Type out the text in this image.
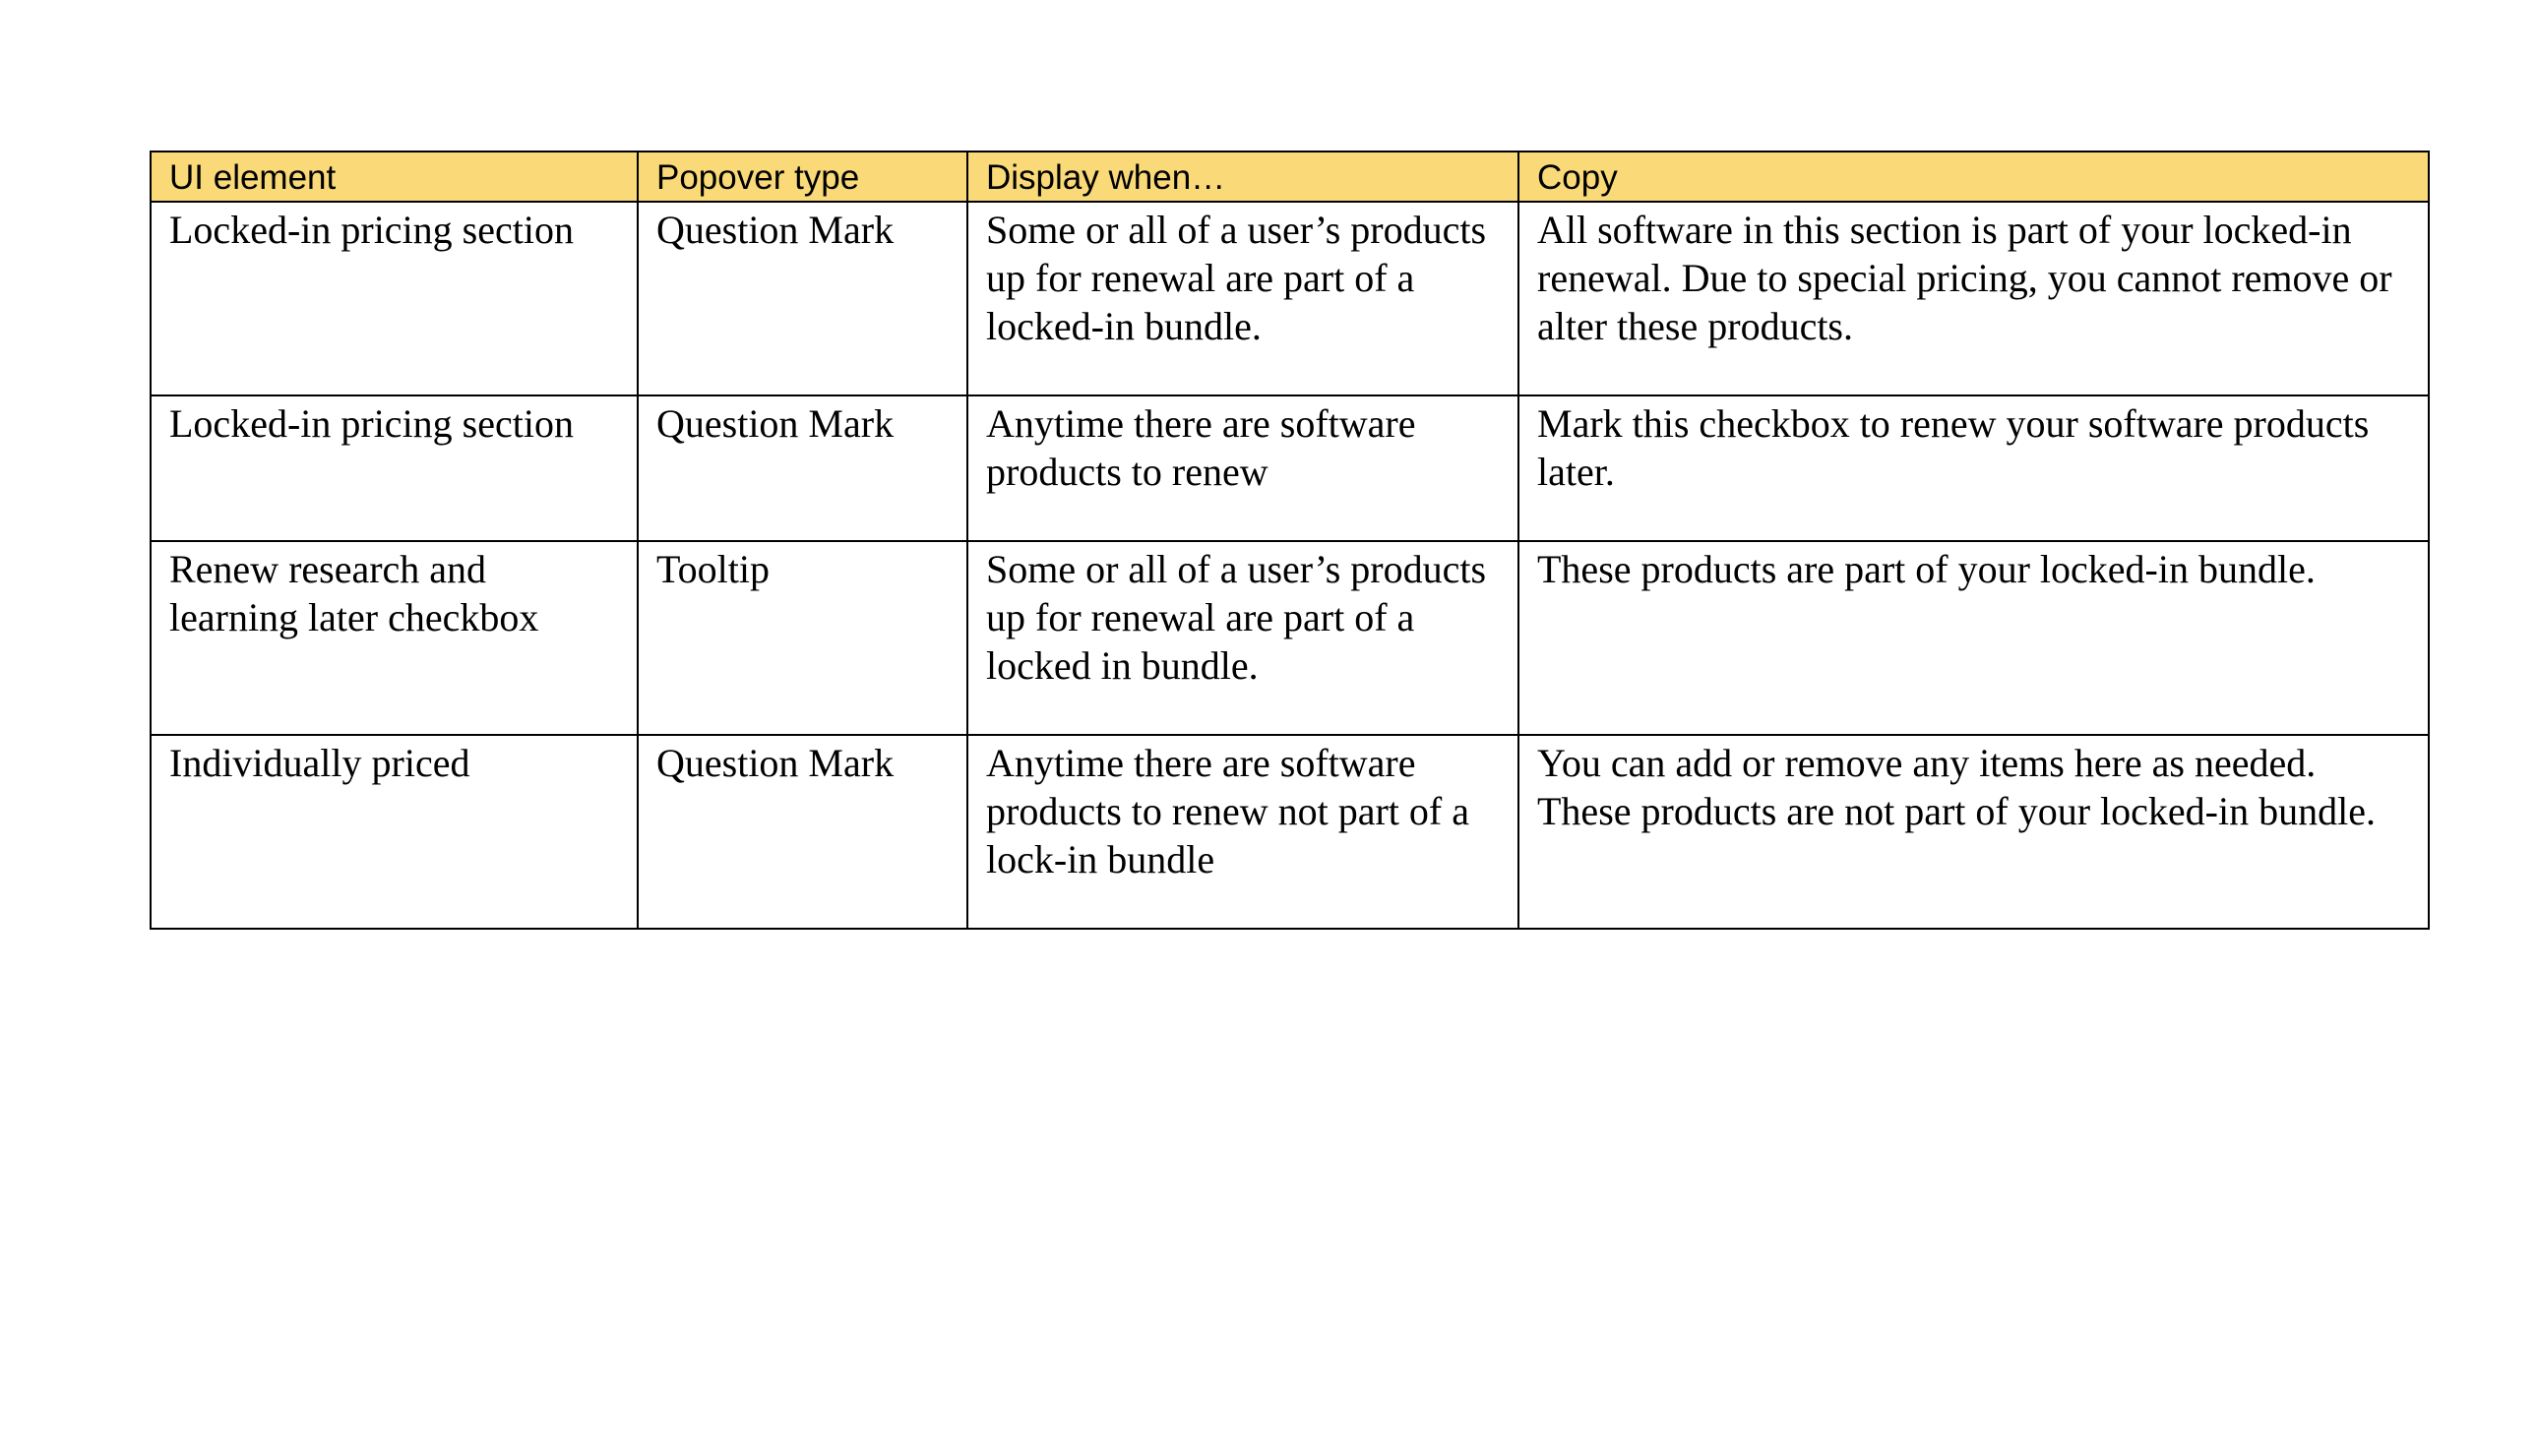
UI element	Popover type	Display when…	Copy
Locked-in pricing section	Question Mark	Some or all of a user’s products up for renewal are part of a locked-in bundle.	All software in this section is part of your locked-in renewal. Due to special pricing, you cannot remove or alter these products.
Locked-in pricing section	Question Mark	Anytime there are software products to renew	Mark this checkbox to renew your software products later.
Renew research and learning later checkbox	Tooltip	Some or all of a user’s products up for renewal are part of a locked in bundle.	These products are part of your locked-in bundle.
Individually priced	Question Mark	Anytime there are software products to renew not part of a lock-in bundle	You can add or remove any items here as needed. These products are not part of your locked-in bundle.
